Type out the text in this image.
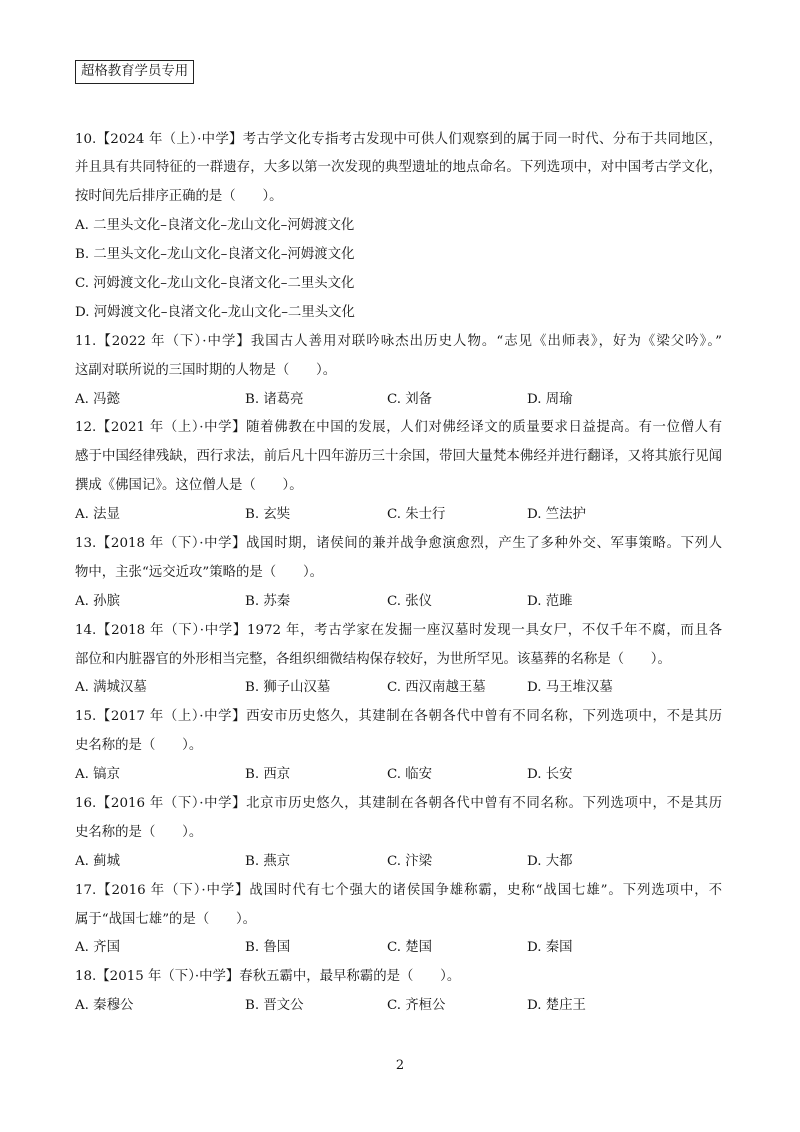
超格教育学员专用
10.【2024 年（上）·中学】考古学文化专指考古发现中可供人们观察到的属于同一时代、分布于共同地区，
并且具有共同特征的一群遗存，大多以第一次发现的典型遗址的地点命名。下列选项中，对中国考古学文化，
按时间先后排序正确的是（　　）。
A. 二里头文化–良渚文化–龙山文化–河姆渡文化
B. 二里头文化–龙山文化–良渚文化–河姆渡文化
C. 河姆渡文化–龙山文化–良渚文化–二里头文化
D. 河姆渡文化–良渚文化–龙山文化–二里头文化
11.【2022 年（下）·中学】我国古人善用对联吟咏杰出历史人物。“志见《出师表》，好为《梁父吟》。”
这副对联所说的三国时期的人物是（　　）。
A. 冯懿	B. 诸葛亮	C. 刘备	D. 周瑜
12.【2021 年（上）·中学】随着佛教在中国的发展，人们对佛经译文的质量要求日益提高。有一位僧人有
感于中国经律残缺，西行求法，前后凡十四年游历三十余国，带回大量梵本佛经并进行翻译，又将其旅行见闻
撰成《佛国记》。这位僧人是（　　）。
A. 法显	B. 玄奘	C. 朱士行	D. 竺法护
13.【2018 年（下）·中学】战国时期，诸侯间的兼并战争愈演愈烈，产生了多种外交、军事策略。下列人
物中，主张“远交近攻”策略的是（　　）。
A. 孙膑	B. 苏秦	C. 张仪	D. 范雎
14.【2018 年（下）·中学】1972 年，考古学家在发掘一座汉墓时发现一具女尸，不仅千年不腐，而且各
部位和内脏器官的外形相当完整，各组织细微结构保存较好，为世所罕见。该墓葬的名称是（　　）。
A. 满城汉墓	B. 狮子山汉墓	C. 西汉南越王墓	D. 马王堆汉墓
15.【2017 年（上）·中学】西安市历史悠久，其建制在各朝各代中曾有不同名称，下列选项中，不是其历
史名称的是（　　）。
A. 镐京	B. 西京	C. 临安	D. 长安
16.【2016 年（下）·中学】北京市历史悠久，其建制在各朝各代中曾有不同名称。下列选项中，不是其历
史名称的是（　　）。
A. 蓟城	B. 燕京	C. 汴梁	D. 大都
17.【2016 年（下）·中学】战国时代有七个强大的诸侯国争雄称霸，史称“战国七雄”。下列选项中，不
属于“战国七雄”的是（　　）。
A. 齐国	B. 鲁国	C. 楚国	D. 秦国
18.【2015 年（下）·中学】春秋五霸中，最早称霸的是（　　）。
A. 秦穆公	B. 晋文公	C. 齐桓公	D. 楚庄王
2
